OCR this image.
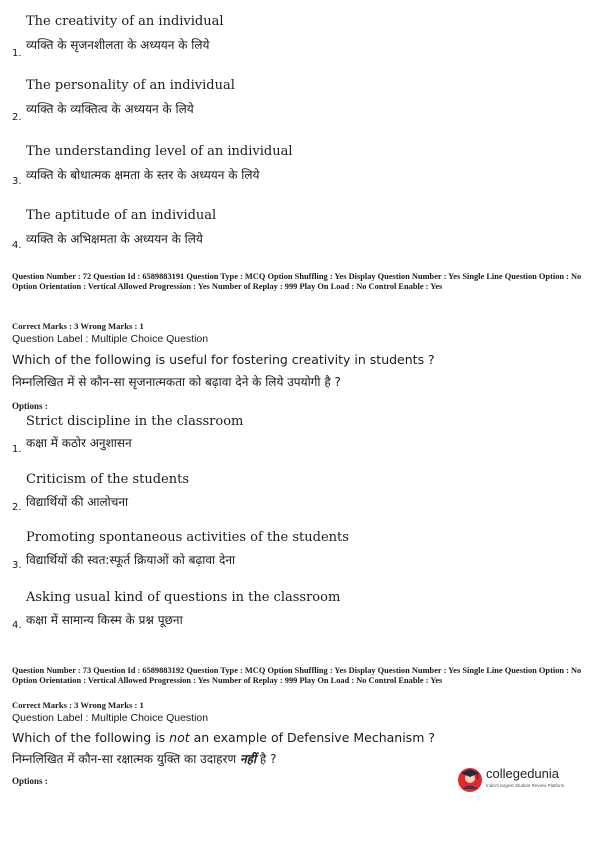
The creativity of an individual
व्यक्ति के सृजनशीलता के अध्ययन के लिये
1.
The personality of an individual
व्यक्ति के व्यक्तित्व के अध्ययन के लिये
2.
The understanding level of an individual
व्यक्ति के बोधात्मक क्षमता के स्तर के अध्ययन के लिये
3.
The aptitude of an individual
व्यक्ति के अभिक्षमता के अध्ययन के लिये
4.
Question Number : 72 Question Id : 6589883191 Question Type : MCQ Option Shuffling : Yes Display Question Number : Yes Single Line Question Option : No Option Orientation : Vertical Allowed Progression : Yes Number of Replay : 999 Play On Load : No Control Enable : Yes
Correct Marks : 3 Wrong Marks : 1
Question Label : Multiple Choice Question
Which of the following is useful for fostering creativity in students ?
निम्नलिखित में से कौन-सा सृजनात्मकता को बढ़ावा देने के लिये उपयोगी है ?
Options :
Strict discipline in the classroom
कक्षा में कठोर अनुशासन
1.
Criticism of the students
विद्यार्थियों की आलोचना
2.
Promoting spontaneous activities of the students
विद्यार्थियों की स्वत:स्फूर्त क्रियाओं को बढ़ावा देना
3.
Asking usual kind of questions in the classroom
कक्षा में सामान्य किस्म के प्रश्न पूछना
4.
Question Number : 73 Question Id : 6589883192 Question Type : MCQ Option Shuffling : Yes Display Question Number : Yes Single Line Question Option : No Option Orientation : Vertical Allowed Progression : Yes Number of Replay : 999 Play On Load : No Control Enable : Yes
Correct Marks : 3 Wrong Marks : 1
Question Label : Multiple Choice Question
Which of the following is not an example of Defensive Mechanism ?
निम्नलिखित में कौन-सा रक्षात्मक युक्ति का उदाहरण नहीं है ?
Options :	collegedunia
India's largest Student Review Platform
